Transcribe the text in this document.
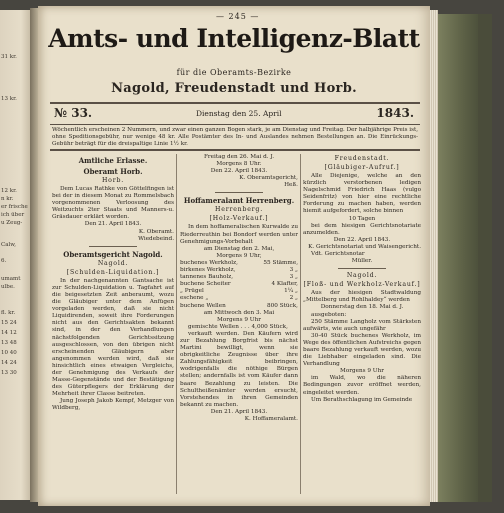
31 kr.
13 kr.
12 kr.
n kr.
er frische
ich über
u Zeug-
Calw,
6.
umamt
ulbe.
fl. kr.
15 24
14 12
13 48
10 40
14 24
13 30
— 245 —
Amts- und Intelligenz-Blatt
für die Oberamts-Bezirke
Nagold, Freudenstadt und Horb.
№ 33.	Dienstag den 25. April	1843.
Wöchentlich erscheinen 2 Nummern, und zwar einen ganzen Bogen stark, je am Dienstag und Freitag. Der halbjährige Preis ist, ohne Speditionsgebühr, nur wenige 48 kr. Alle Postämter des In- und Auslandes nehmen Bestellungen an. Die Einrückungs-Gebühr beträgt für die dreispaltige Linie 1½ kr.

Amtliche Erlasse.

Oberamt Horb.

Horb.

Dem Lucas Rathke von Göttelfingen ist bei der in diesem Monat zu Rommelsbach vorgenommenen Verloosung des Weitzuchts 2ter Staats und Manners-u. Gräsdauer erklärt worden.

Den 21. April 1843.

K. Oberamt.

Wiedebeind.

Oberamtsgericht Nagold.

Nagold.

[Schulden-Liquidation.]

In der nachgenannten Gantsache ist zur Schulden-Liquidation u. Tagfahrt auf die beigesetzten Zeit anberaumt, wozu die Gläubiger unter dem Anfügen vorgeladen werden, daß sie nicht Liquidirenden, soweit ihre Forderungen nicht aus den Gerichtsakten bekannt sind, in der den Verhandlungen nächstfolgenden Gerichtssitzung ausgeschlossen, von den übrigen nicht erscheinenden Gläubigern aber angenommen werden wird, daß sie hinsichtlich eines etwaigen Vergleichs, der Genehmigung des Verkaufs der Masse-Gegenstände und der Bestätigung des Güterpflegers der Erklärung der Mehrheit ihrer Classe beitreten.

Jung Joseph Jakob Kempf, Metzger von Wildberg,

Freitag den 26. Mai d. J.

Morgens 8 Uhr.

Den 22. April 1843.

K. Oberamtsgericht,

Heß.

Hoffameralamt Herrenberg.

Herrenberg.

[Holz-Verkauf.]

In dem hoffameralischen Kurwalde zu Riederreuthin bei Bondorf werden unter Genehmigungs-Vorbehalt

am Dienstag den 2. Mai,

Morgens 9 Uhr,

buchenes Werkholz,	55 Stämme,
birkenes Werkholz,	3 „
tannenes Bauholz,	3 „
buchene Scheiter	4 Klafter,
„ Prügel	1¼ „
eschene „	2 „
buchene Wellen	800 Stück,

am Mittwoch den 3. Mai

Morgens 9 Uhr

gemischte Wellen . . . 4,000 Stück,

verkauft werden. Den Käufern wird zur Bezahlung Borgfrist bis nächst Martini bewilligt, wenn sie obrigkeitliche Zeugnisse über ihre Zahlungsfähigkeit beibringen, wodrigenfalls die nöthige Bürgen stellen; andernfalls ist vom Käufer dann baare Bezahlung zu leisten. Die Schultheißenämter werden ersucht, Vorstehendes in ihren Gemeinden bekannt zu machen.

Den 21. April 1843.

K. Hoffameralamt.

Freudenstadt.

[Gläubiger-Aufruf.]

Alle Diejenige, welche an den kürzlich verstorbenen ledigen Nagelschmid Friedrich Haas (vulgo Seidenfritz) von hier eine rechtliche Forderung zu machen haben, werden hiemit aufgefordert, solche binnen

10 Tagen

bei dem hiesigen Gerichtsnotariate anzumelden.

Den 22. April 1843.

K. Gerichtsnotariat und Waisengericht.

Vdt. Gerichtsnotar

Müller.

Nagold.

[Floß- und Werkholz-Verkauf.]

Aus der hiesigen Stadtwaldung „Mittelberg und Rohlhaldey“ werden

Donnerstag den 18. Mai d. J.

ausgeboten:

250 Stämme Langholz vom Stärksten aufwärts, wie auch ungefähr

30-40 Stück buchenes Werkholz, im Wege des öffentlichen Aufstreichs gegen baare Bezahlung verkauft werden, wozu die Liebhaber eingeladen sind. Die Verhandlung

Morgens 9 Uhr

im Wald, wo die näheren Bedingungen zuvor eröffnet werden, eingeleitet werden.

Um Berathschlagung im Gemeinde
